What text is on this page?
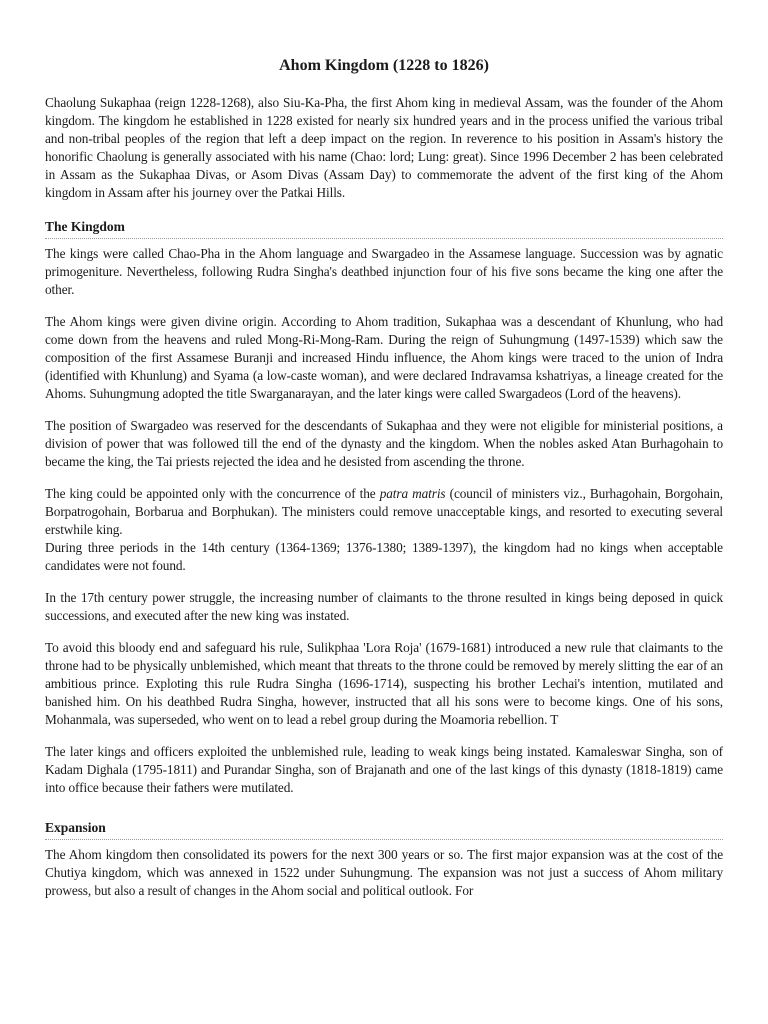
Ahom Kingdom (1228 to 1826)

Chaolung Sukaphaa (reign 1228-1268), also Siu-Ka-Pha, the first Ahom king in medieval Assam, was the founder of the Ahom kingdom. The kingdom he established in 1228 existed for nearly six hundred years and in the process unified the various tribal and non-tribal peoples of the region that left a deep impact on the region. In reverence to his position in Assam's history the honorific Chaolung is generally associated with his name (Chao: lord; Lung: great). Since 1996 December 2 has been celebrated in Assam as the Sukaphaa Divas, or Asom Divas (Assam Day) to commemorate the advent of the first king of the Ahom kingdom in Assam after his journey over the Patkai Hills.

The Kingdom

The kings were called Chao-Pha in the Ahom language and Swargadeo in the Assamese language. Succession was by agnatic primogeniture. Nevertheless, following Rudra Singha's deathbed injunction four of his five sons became the king one after the other.

The Ahom kings were given divine origin. According to Ahom tradition, Sukaphaa was a descendant of Khunlung, who had come down from the heavens and ruled Mong-Ri-Mong-Ram. During the reign of Suhungmung (1497-1539) which saw the composition of the first Assamese Buranji and increased Hindu influence, the Ahom kings were traced to the union of Indra (identified with Khunlung) and Syama (a low-caste woman), and were declared Indravamsa kshatriyas, a lineage created for the Ahoms. Suhungmung adopted the title Swarganarayan, and the later kings were called Swargadeos (Lord of the heavens).

The position of Swargadeo was reserved for the descendants of Sukaphaa and they were not eligible for ministerial positions, a division of power that was followed till the end of the dynasty and the kingdom. When the nobles asked Atan Burhagohain to became the king, the Tai priests rejected the idea and he desisted from ascending the throne.

The king could be appointed only with the concurrence of the patra matris (council of ministers viz., Burhagohain, Borgohain, Borpatrogohain, Borbarua and Borphukan). The ministers could remove unacceptable kings, and resorted to executing several erstwhile king.

During three periods in the 14th century (1364-1369; 1376-1380; 1389-1397), the kingdom had no kings when acceptable candidates were not found.

In the 17th century power struggle, the increasing number of claimants to the throne resulted in kings being deposed in quick successions, and executed after the new king was instated.

To avoid this bloody end and safeguard his rule, Sulikphaa 'Lora Roja' (1679-1681) introduced a new rule that claimants to the throne had to be physically unblemished, which meant that threats to the throne could be removed by merely slitting the ear of an ambitious prince. Exploting this rule Rudra Singha (1696-1714), suspecting his brother Lechai's intention, mutilated and banished him. On his deathbed Rudra Singha, however, instructed that all his sons were to become kings. One of his sons, Mohanmala, was superseded, who went on to lead a rebel group during the Moamoria rebellion. T

The later kings and officers exploited the unblemished rule, leading to weak kings being instated. Kamaleswar Singha, son of Kadam Dighala (1795-1811) and Purandar Singha, son of Brajanath and one of the last kings of this dynasty (1818-1819) came into office because their fathers were mutilated.

Expansion

The Ahom kingdom then consolidated its powers for the next 300 years or so. The first major expansion was at the cost of the Chutiya kingdom, which was annexed in 1522 under Suhungmung. The expansion was not just a success of Ahom military prowess, but also a result of changes in the Ahom social and political outlook. For
